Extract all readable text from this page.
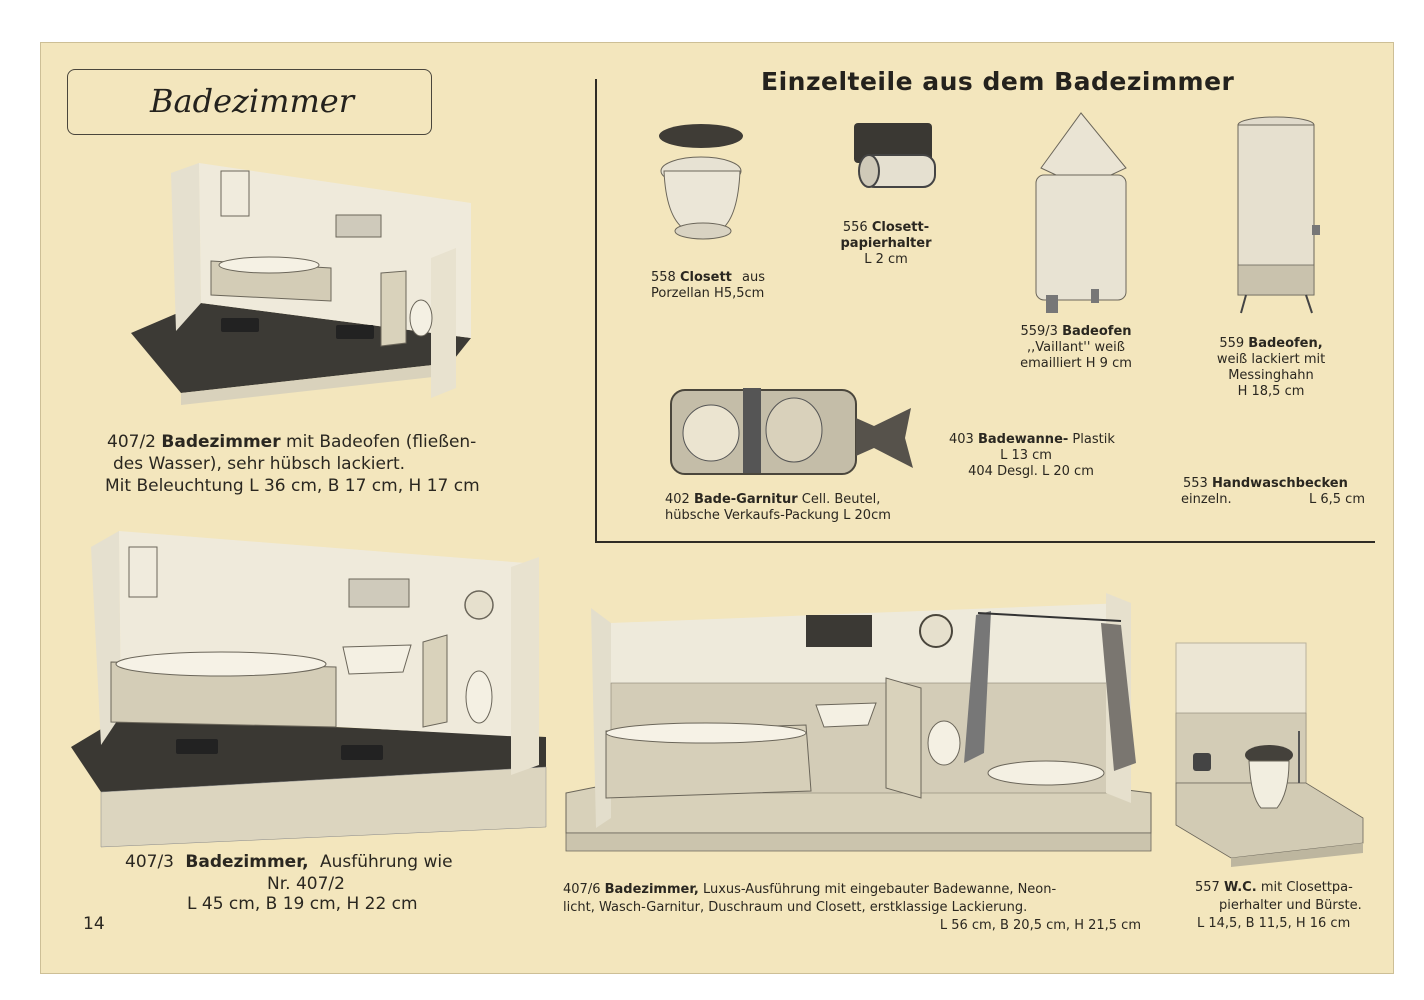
Badezimmer
Einzelteile aus dem Badezimmer
407/2 Badezimmer mit Badeofen (fließen-
des Wasser), sehr hübsch lackiert.
Mit Beleuchtung L 36 cm, B 17 cm, H 17 cm
407/3 Badezimmer, Ausführung wie
Nr. 407/2
L 45 cm, B 19 cm, H 22 cm
14
407/6 Badezimmer, Luxus-Ausführung mit eingebauter Badewanne, Neon-
licht, Wasch-Garnitur, Duschraum und Closett, erstklassige Lackierung.
L 56 cm, B 20,5 cm, H 21,5 cm
557 W.C. mit Closettpa-
pierhalter und Bürste.
L 14,5, B 11,5, H 16 cm
558 Closett aus
Porzellan H5,5cm
556 Closett-
papierhalter
L 2 cm
559/3 Badeofen
,,Vaillant'' weiß
emailliert H 9 cm
559 Badeofen,
weiß lackiert mit
Messinghahn
H 18,5 cm
402 Bade-Garnitur Cell. Beutel,
hübsche Verkaufs-Packung L 20cm
403 Badewanne- Plastik
L 13 cm
404 Desgl. L 20 cm
553 Handwaschbecken
einzeln.	L 6,5 cm
